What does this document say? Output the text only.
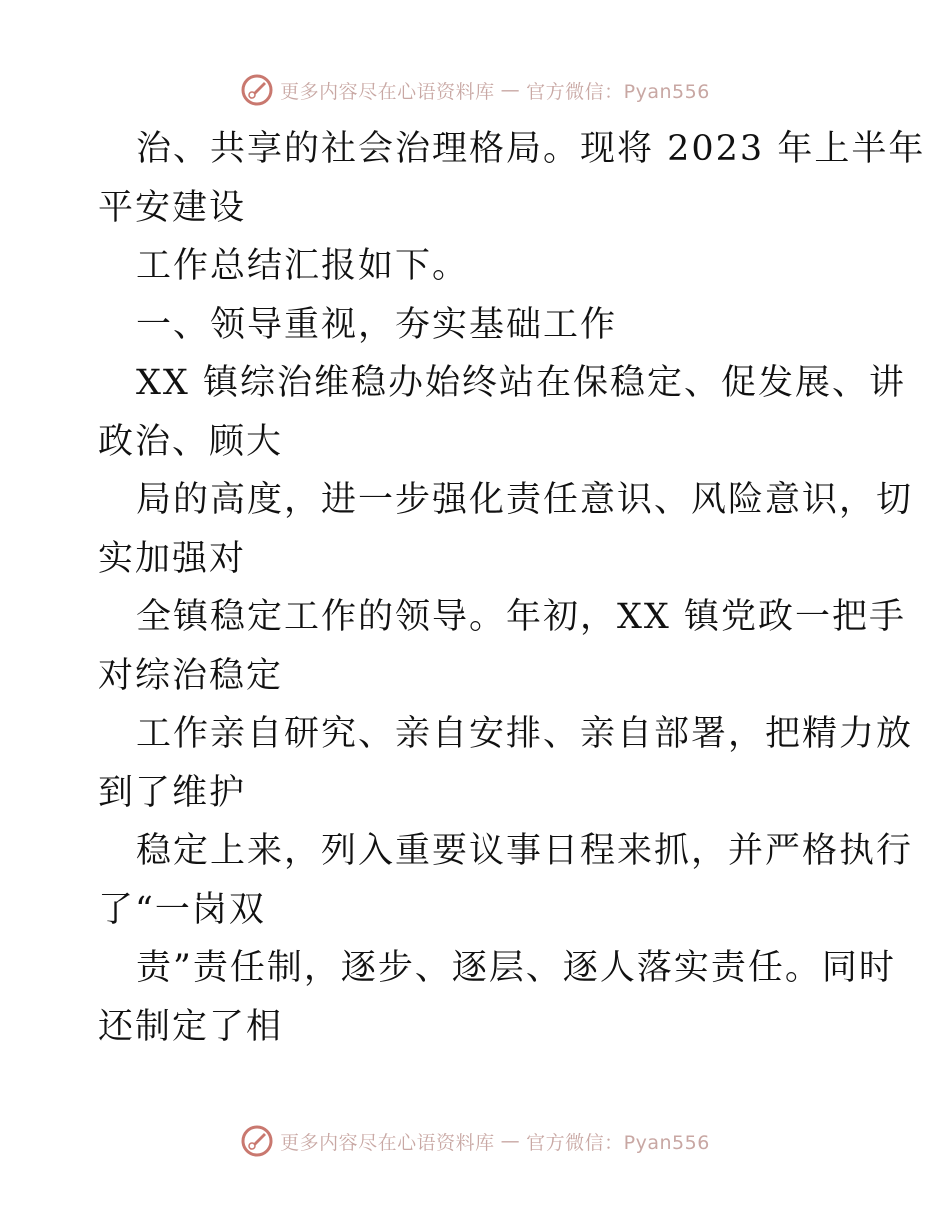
更多内容尽在心语资料库 — 官方微信：Pyan556
治、共享的社会治理格局。现将 2023 年上半年
平安建设
工作总结汇报如下。
一、领导重视，夯实基础工作
XX 镇综治维稳办始终站在保稳定、促发展、讲
政治、顾大
局的高度，进一步强化责任意识、风险意识，切
实加强对
全镇稳定工作的领导。年初，XX 镇党政一把手
对综治稳定
工作亲自研究、亲自安排、亲自部署，把精力放
到了维护
稳定上来，列入重要议事日程来抓，并严格执行
了“一岗双
责”责任制，逐步、逐层、逐人落实责任。同时
还制定了相
更多内容尽在心语资料库 — 官方微信：Pyan556
